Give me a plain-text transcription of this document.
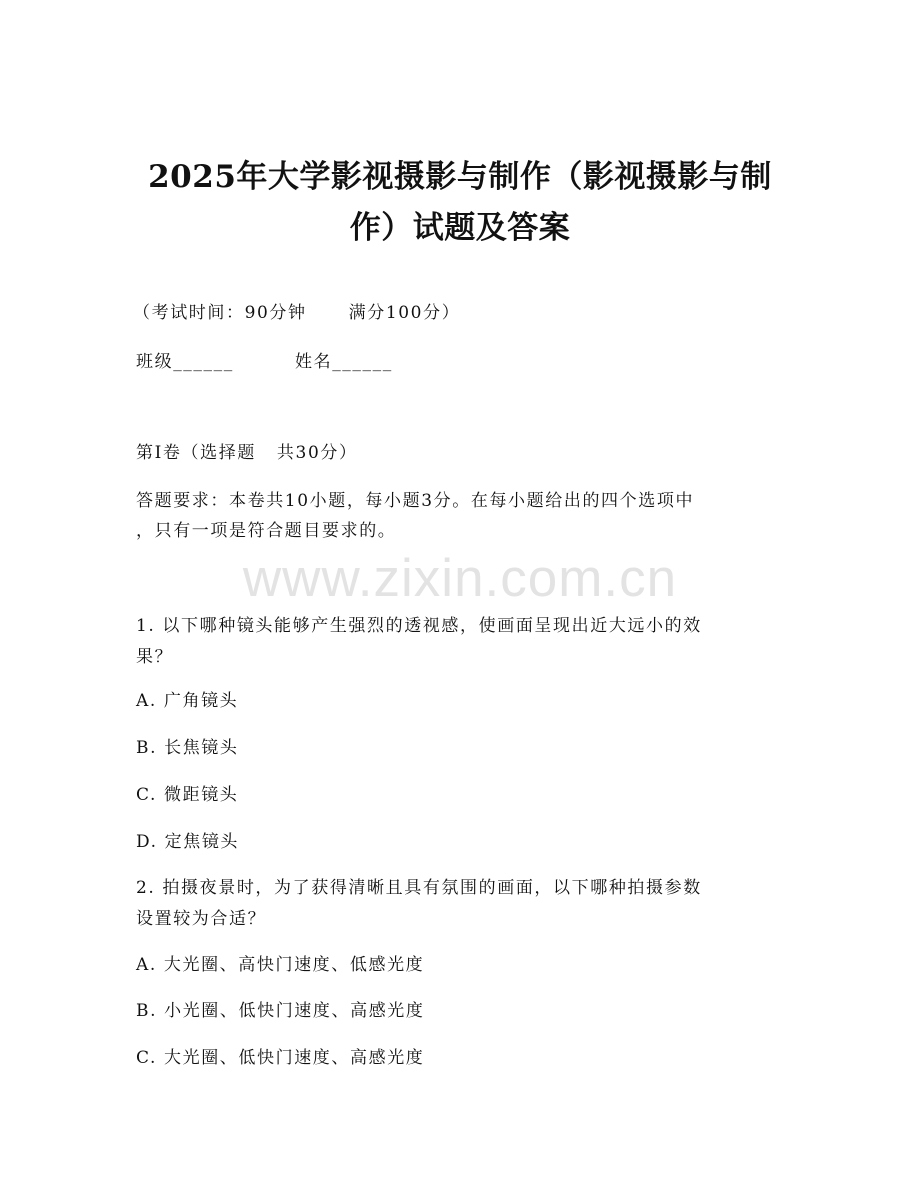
www.zixin.com.cn
2025年大学影视摄影与制作（影视摄影与制
作）试题及答案
（考试时间：90分钟      满分100分）
班级______	姓名______
第I卷（选择题   共30分）
答题要求：本卷共10小题，每小题3分。在每小题给出的四个选项中
，只有一项是符合题目要求的。
1. 以下哪种镜头能够产生强烈的透视感，使画面呈现出近大远小的效
果？
A. 广角镜头
B. 长焦镜头
C. 微距镜头
D. 定焦镜头
2. 拍摄夜景时，为了获得清晰且具有氛围的画面，以下哪种拍摄参数
设置较为合适？
A. 大光圈、高快门速度、低感光度
B. 小光圈、低快门速度、高感光度
C. 大光圈、低快门速度、高感光度
